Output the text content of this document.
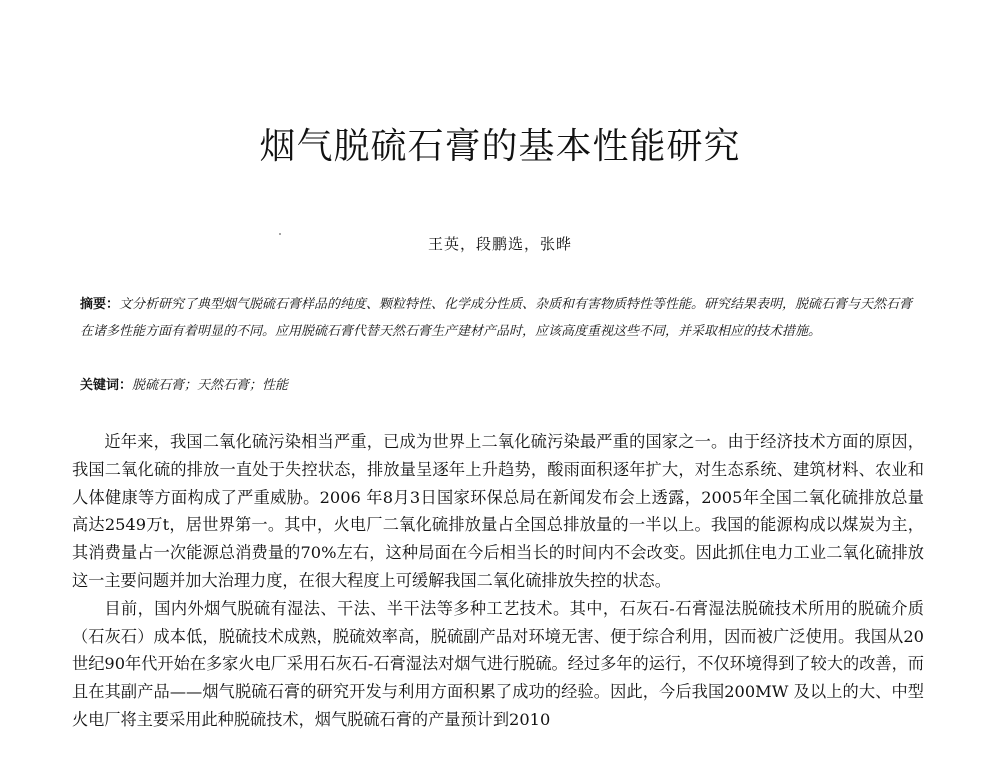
烟气脱硫石膏的基本性能研究
王英，段鹏选，张晔
摘要：文分析研究了典型烟气脱硫石膏样品的纯度、颗粒特性、化学成分性质、杂质和有害物质特性等性能。研究结果表明，脱硫石膏与天然石膏在诸多性能方面有着明显的不同。应用脱硫石膏代替天然石膏生产建材产品时，应该高度重视这些不同，并采取相应的技术措施。
关键词：脱硫石膏；天然石膏；性能

近年来，我国二氧化硫污染相当严重，已成为世界上二氧化硫污染最严重的国家之一。由于经济技术方面的原因，我国二氧化硫的排放一直处于失控状态，排放量呈逐年上升趋势，酸雨面积逐年扩大，对生态系统、建筑材料、农业和人体健康等方面构成了严重威胁。2006 年8月3日国家环保总局在新闻发布会上透露，2005年全国二氧化硫排放总量高达2549万t，居世界第一。其中，火电厂二氧化硫排放量占全国总排放量的一半以上。我国的能源构成以煤炭为主，其消费量占一次能源总消费量的70%左右，这种局面在今后相当长的时间内不会改变。因此抓住电力工业二氧化硫排放这一主要问题并加大治理力度，在很大程度上可缓解我国二氧化硫排放失控的状态。

目前，国内外烟气脱硫有湿法、干法、半干法等多种工艺技术。其中，石灰石-石膏湿法脱硫技术所用的脱硫介质（石灰石）成本低，脱硫技术成熟，脱硫效率高，脱硫副产品对环境无害、便于综合利用，因而被广泛使用。我国从20世纪90年代开始在多家火电厂采用石灰石-石膏湿法对烟气进行脱硫。经过多年的运行，不仅环境得到了较大的改善，而且在其副产品——烟气脱硫石膏的研究开发与利用方面积累了成功的经验。因此，今后我国200MW 及以上的大、中型火电厂将主要采用此种脱硫技术，烟气脱硫石膏的产量预计到2010
